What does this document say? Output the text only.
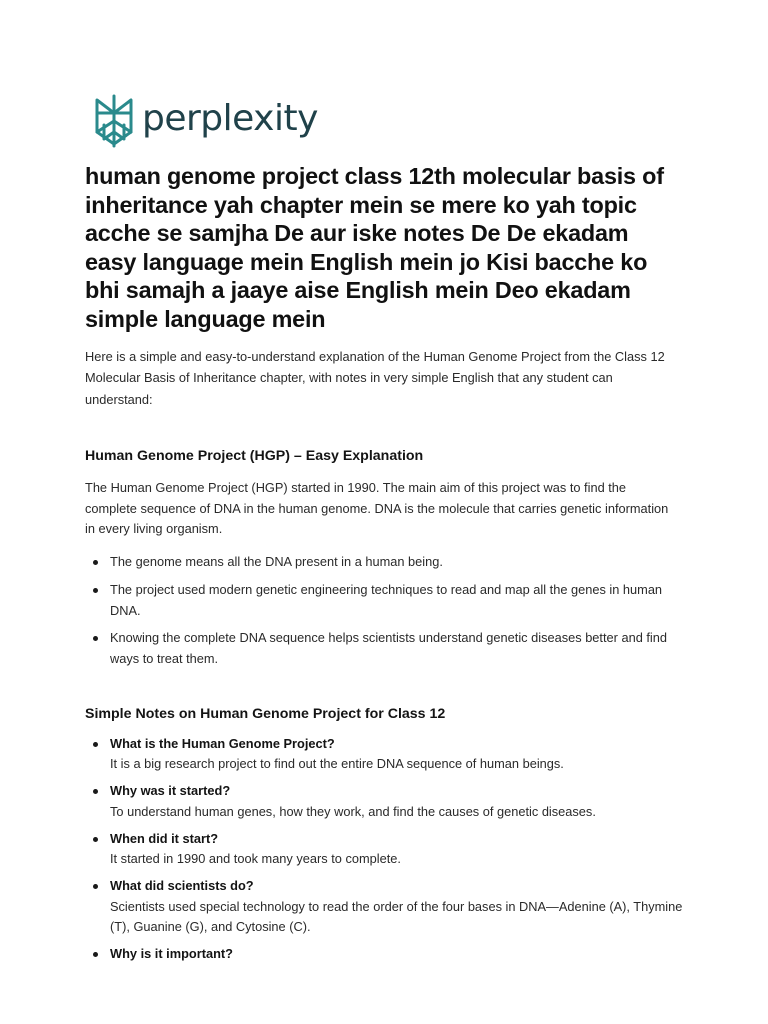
perplexity
human genome project class 12th molecular basis of inheritance yah chapter mein se mere ko yah topic acche se samjha De aur iske notes De De ekadam easy language mein English mein jo Kisi bacche ko bhi samajh a jaaye aise English mein Deo ekadam simple language mein

Here is a simple and easy-to-understand explanation of the Human Genome Project from the Class 12 Molecular Basis of Inheritance chapter, with notes in very simple English that any student can understand:

Human Genome Project (HGP) – Easy Explanation

The Human Genome Project (HGP) started in 1990. The main aim of this project was to find the complete sequence of DNA in the human genome. DNA is the molecule that carries genetic information in every living organism.

The genome means all the DNA present in a human being.
The project used modern genetic engineering techniques to read and map all the genes in human DNA.
Knowing the complete DNA sequence helps scientists understand genetic diseases better and find ways to treat them.
Simple Notes on Human Genome Project for Class 12
What is the Human Genome Project?
It is a big research project to find out the entire DNA sequence of human beings.
Why was it started?
To understand human genes, how they work, and find the causes of genetic diseases.
When did it start?
It started in 1990 and took many years to complete.
What did scientists do?
Scientists used special technology to read the order of the four bases in DNA—Adenine (A), Thymine (T), Guanine (G), and Cytosine (C).
Why is it important?
